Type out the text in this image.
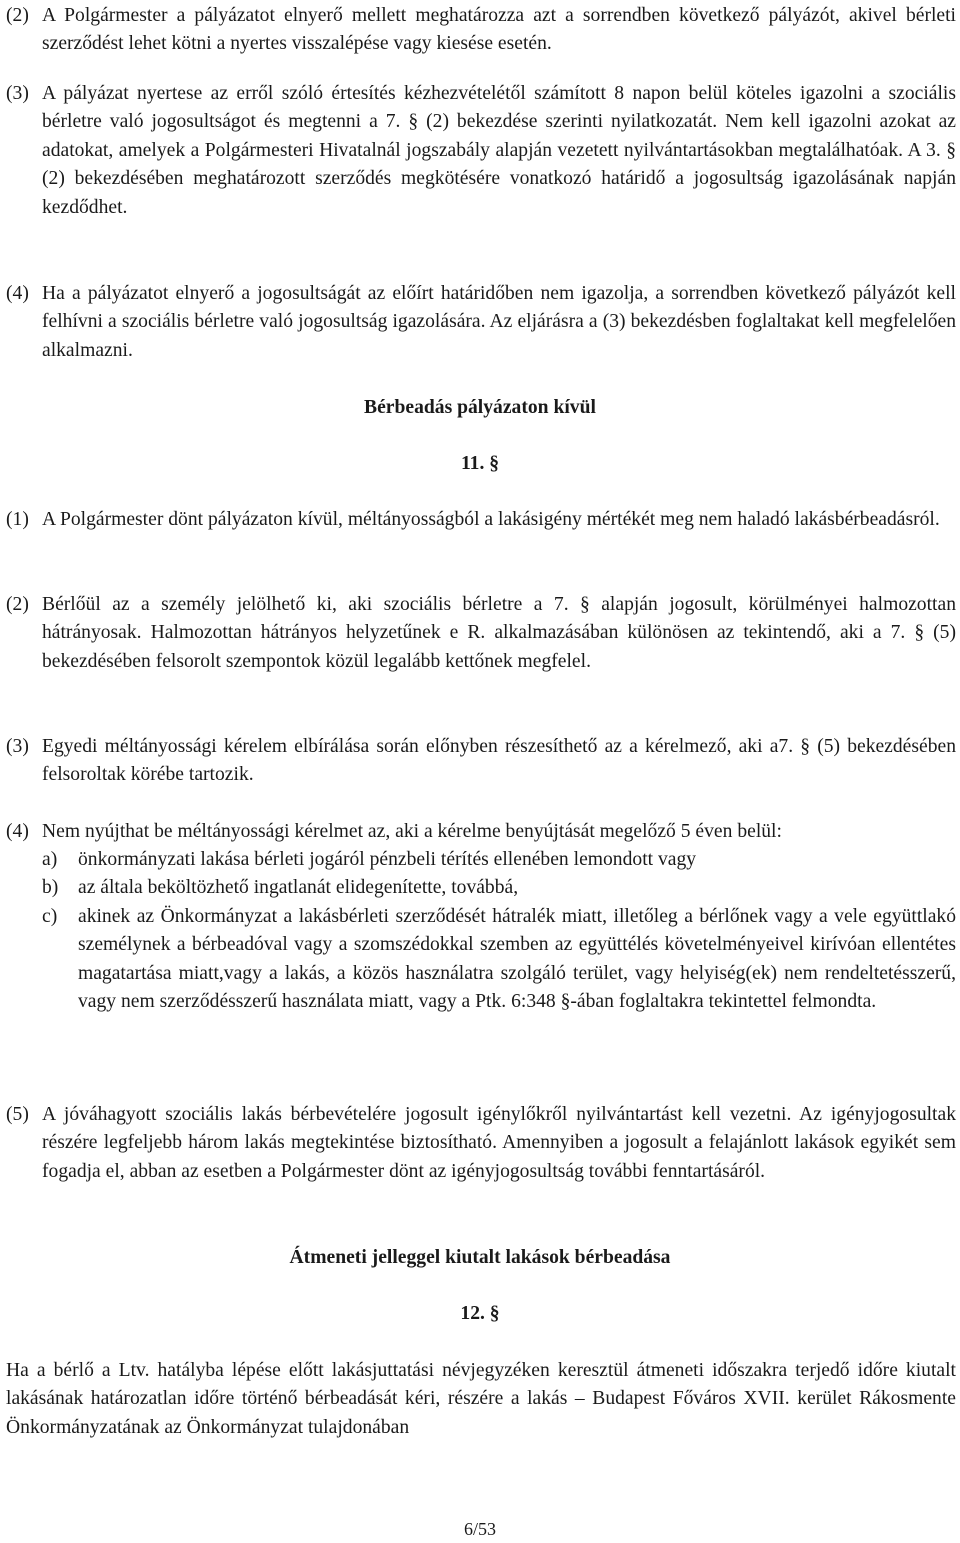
(2) A Polgármester a pályázatot elnyerő mellett meghatározza azt a sorrendben következő pályázót, akivel bérleti szerződést lehet kötni a nyertes visszalépése vagy kiesése esetén.
(3) A pályázat nyertese az erről szóló értesítés kézhezvételétől számított 8 napon belül köteles igazolni a szociális bérletre való jogosultságot és megtenni a 7. § (2) bekezdése szerinti nyilatkozatát. Nem kell igazolni azokat az adatokat, amelyek a Polgármesteri Hivatalnál jogszabály alapján vezetett nyilvántartásokban megtalálhatóak. A 3. § (2) bekezdésében meghatározott szerződés megkötésére vonatkozó határidő a jogosultság igazolásának napján kezdődhet.
(4) Ha a pályázatot elnyerő a jogosultságát az előírt határidőben nem igazolja, a sorrendben következő pályázót kell felhívni a szociális bérletre való jogosultság igazolására. Az eljárásra a (3) bekezdésben foglaltakat kell megfelelően alkalmazni.
Bérbeadás pályázaton kívül
11. §
(1) A Polgármester dönt pályázaton kívül, méltányosságból a lakásigény mértékét meg nem haladó lakásbérbeadásról.
(2) Bérlőül az a személy jelölhető ki, aki szociális bérletre a 7. § alapján jogosult, körülményei halmozottan hátrányosak. Halmozottan hátrányos helyzetűnek e R. alkalmazásában különösen az tekintendő, aki a 7. § (5) bekezdésében felsorolt szempontok közül legalább kettőnek megfelel.
(3) Egyedi méltányossági kérelem elbírálása során előnyben részesíthető az a kérelmező, aki a7. § (5) bekezdésében felsoroltak körébe tartozik.
(4) Nem nyújthat be méltányossági kérelmet az, aki a kérelme benyújtását megelőző 5 éven belül:
a) önkormányzati lakása bérleti jogáról pénzbeli térítés ellenében lemondott vagy
b) az általa beköltözhető ingatlanát elidegenítette, továbbá,
c) akinek az Önkormányzat a lakásbérleti szerződését hátralék miatt, illetőleg a bérlőnek vagy a vele együttlakó személynek a bérbeadóval vagy a szomszédokkal szemben az együttélés követelményeivel kirívóan ellentétes magatartása miatt,vagy a lakás, a közös használatra szolgáló terület, vagy helyiség(ek) nem rendeltetésszerű, vagy nem szerződésszerű használata miatt, vagy a Ptk. 6:348 §-ában foglaltakra tekintettel felmondta.
(5) A jóváhagyott szociális lakás bérbevételére jogosult igénylőkről nyilvántartást kell vezetni. Az igényjogosultak részére legfeljebb három lakás megtekintése biztosítható. Amennyiben a jogosult a felajánlott lakások egyikét sem fogadja el, abban az esetben a Polgármester dönt az igényjogosultság további fenntartásáról.
Átmeneti jelleggel kiutalt lakások bérbeadása
12. §
Ha a bérlő a Ltv. hatályba lépése előtt lakásjuttatási névjegyzéken keresztül átmeneti időszakra terjedő időre kiutalt lakásának határozatlan időre történő bérbeadását kéri, részére a lakás – Budapest Főváros XVII. kerület Rákosmente Önkormányzatának az Önkormányzat tulajdonában
6/53
